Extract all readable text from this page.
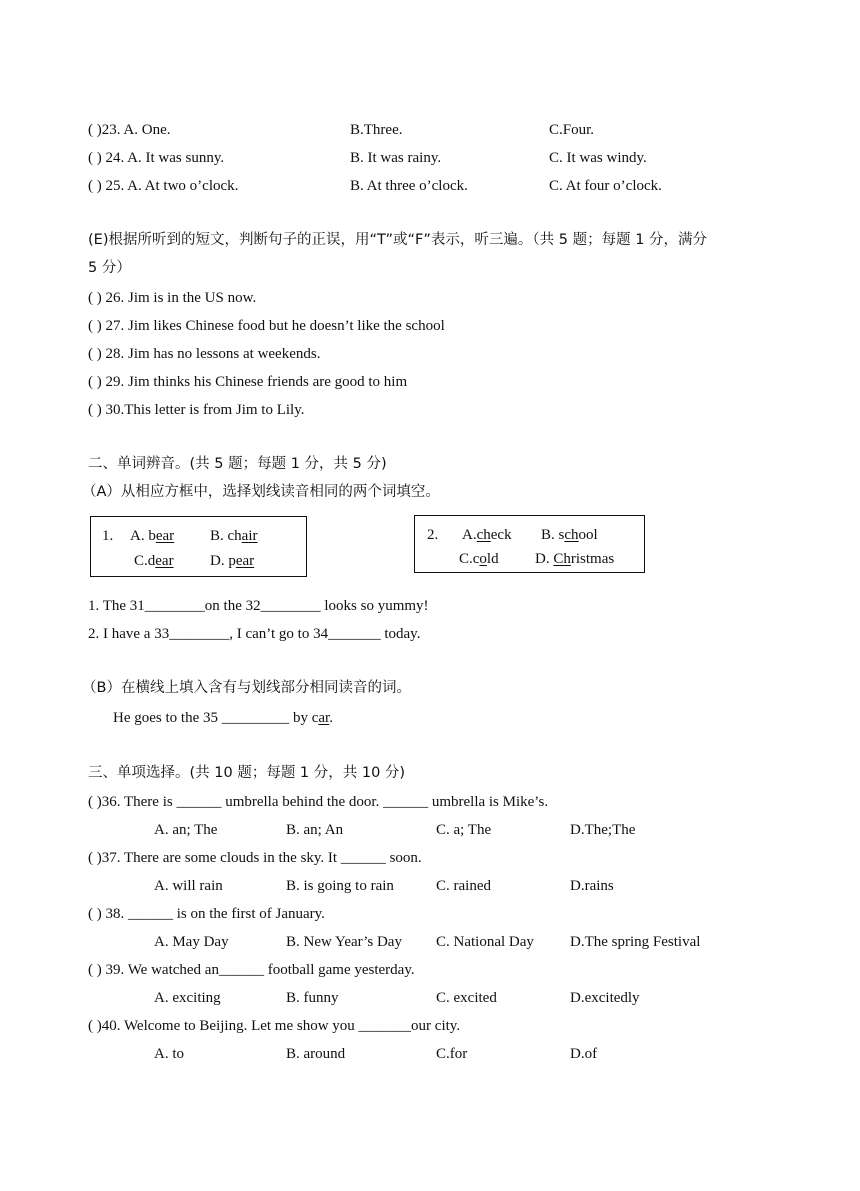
( )23. A. One.	B.Three.	C.Four.
( ) 24. A. It was sunny.	B. It was rainy.	C. It was windy.
( ) 25. A. At two o’clock.	B. At three o’clock.	C. At four o’clock.
(E)根据所听到的短文，判断句子的正误，用“T”或“F”表示，听三遍。（共 5 题；每题 1 分，满分
5 分）
( ) 26. Jim is in the US now.
( ) 27. Jim likes Chinese food but he doesn’t like the school
( ) 28. Jim has no lessons at weekends.
( ) 29. Jim thinks his Chinese friends are good to him
( ) 30.This letter is from Jim to Lily.
二、单词辨音。(共 5 题；每题 1 分，共 5 分)
（A）从相应方框中，选择划线读音相同的两个词填空。
1. A. bear B. chair
C.dear D. pear
2. A.check B. school
C.cold D. Christmas
1. The 31________on the 32________ looks so yummy!
2. I have a 33________, I can’t go to 34_______ today.
（B）在横线上填入含有与划线部分相同读音的词。
He goes to the 35 _________ by car.
三、单项选择。(共 10 题；每题 1 分，共 10 分)
( )36. There is ______ umbrella behind the door. ______ umbrella is Mike’s.
A. an; The	B. an; An	C. a; The	D.The;The
( )37. There are some clouds in the sky. It ______ soon.
A. will rain	B. is going to rain	C. rained	D.rains
( ) 38. ______ is on the first of January.
A. May Day	B. New Year’s Day C. National Day D.The spring Festival
( ) 39. We watched an______ football game yesterday.
A. exciting	B. funny	C. excited	D.excitedly
( )40. Welcome to Beijing. Let me show you _______our city.
A. to	B. around	C.for	D.of
